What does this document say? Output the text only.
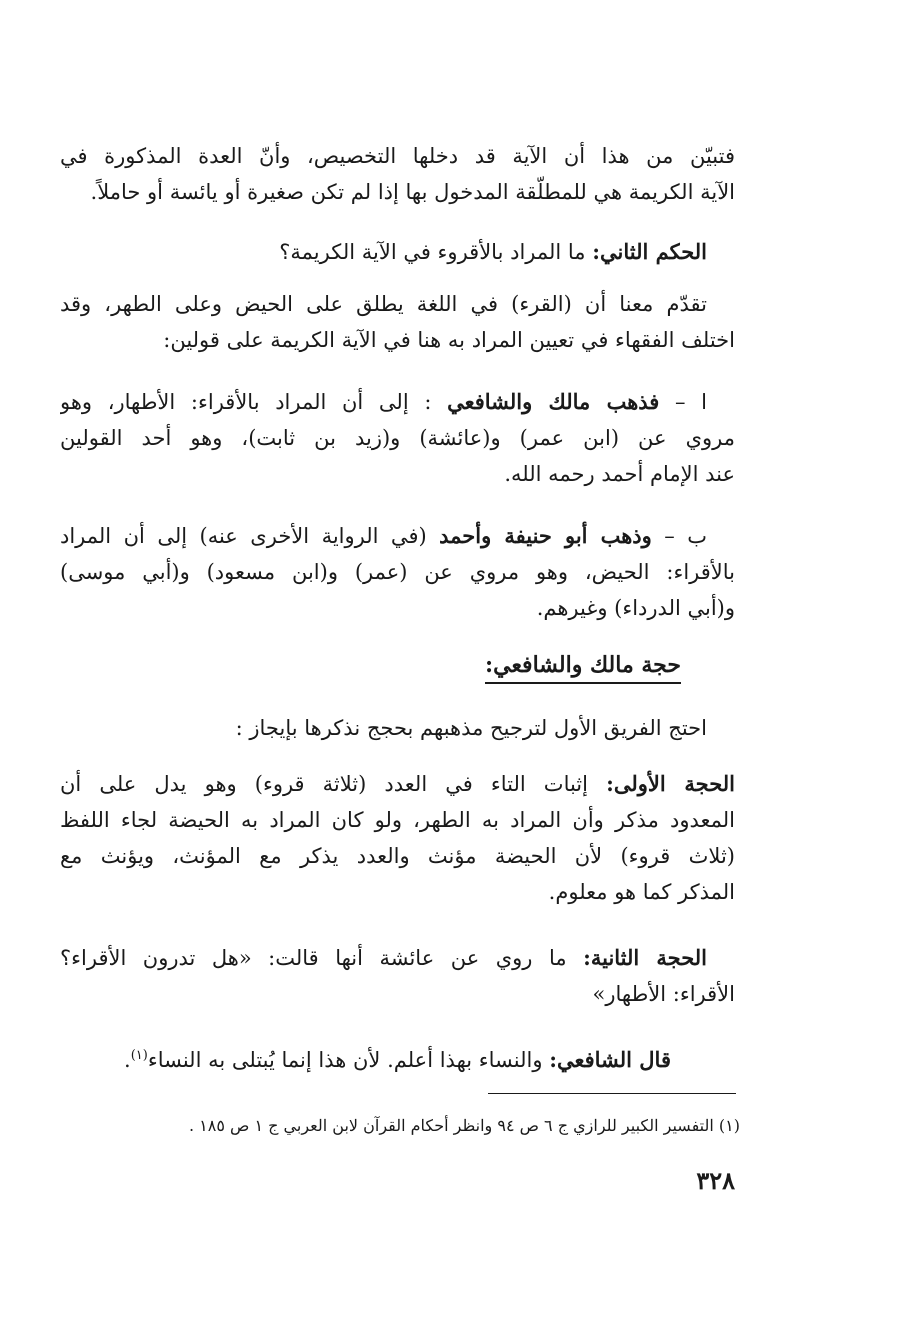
فتبيّن من هذا أن الآية قد دخلها التخصيص، وأنّ العدة المذكورة في
الآية الكريمة هي للمطلّقة المدخول بها إذا لم تكن صغيرة أو يائسة أو حاملاً.
الحكم الثاني: ما المراد بالأقروء في الآية الكريمة؟
تقدّم معنا أن (القرء) في اللغة يطلق على الحيض وعلى الطهر، وقد
اختلف الفقهاء في تعيين المراد به هنا في الآية الكريمة على قولين:
ا – فذهب مالك والشافعي : إلى أن المراد بالأقراء: الأطهار، وهو
مروي عن (ابن عمر) و(عائشة) و(زيد بن ثابت)، وهو أحد القولين
عند الإمام أحمد رحمه الله.
ب – وذهب أبو حنيفة وأحمد (في الرواية الأخرى عنه) إلى أن المراد
بالأقراء: الحيض، وهو مروي عن (عمر) و(ابن مسعود) و(أبي موسى)
و(أبي الدرداء) وغيرهم.
حجة مالك والشافعي:
احتج الفريق الأول لترجيح مذهبهم بحجج نذكرها بإيجاز :
الحجة الأولى: إثبات التاء في العدد (ثلاثة قروء) وهو يدل على أن
المعدود مذكر وأن المراد به الطهر، ولو كان المراد به الحيضة لجاء اللفظ
(ثلاث قروء) لأن الحيضة مؤنث والعدد يذكر مع المؤنث، ويؤنث مع
المذكر كما هو معلوم.
الحجة الثانية: ما روي عن عائشة أنها قالت: «هل تدرون الأقراء؟
الأقراء: الأطهار»
قال الشافعي: والنساء بهذا أعلم. لأن هذا إنما يُبتلى به النساء$^{(١)}$.
(١) التفسير الكبير للرازي ج ٦ ص ٩٤ وانظر أحكام القرآن لابن العربي ج ١ ص ١٨٥ .
٣٢٨
